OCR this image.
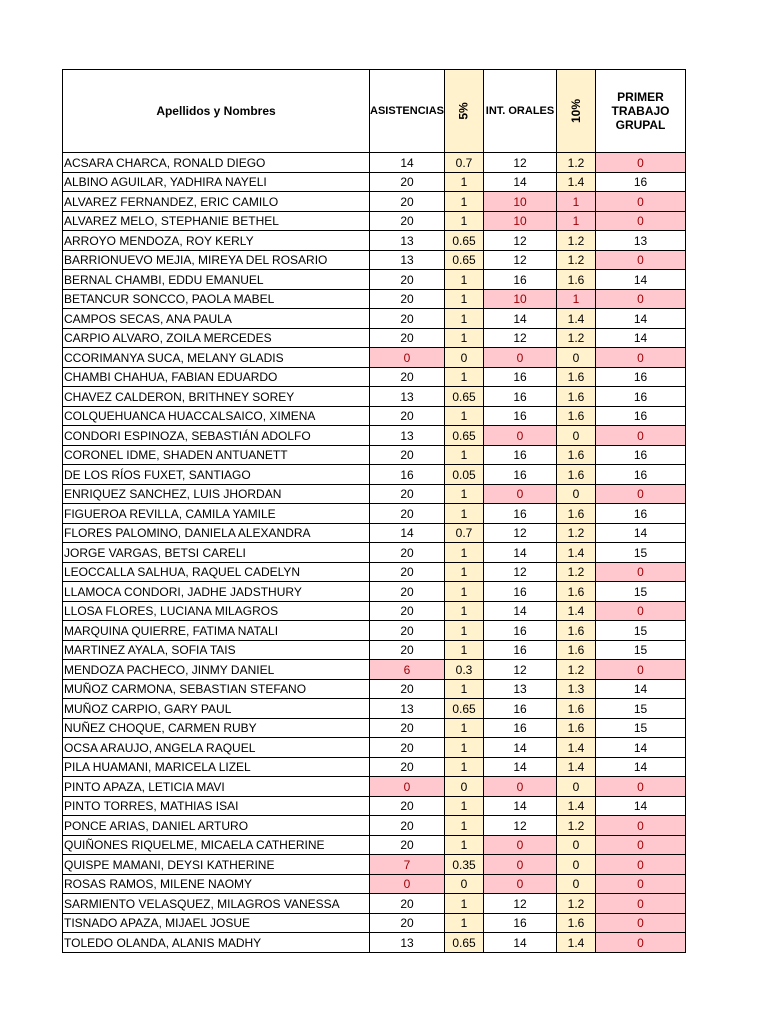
Apellidos y Nombres	ASISTENCIAS	5%	INT. ORALES	10%	PRIMER TRABAJO GRUPAL
ACSARA CHARCA, RONALD DIEGO	14	0.7	12	1.2	0
ALBINO AGUILAR, YADHIRA NAYELI	20	1	14	1.4	16
ALVAREZ FERNANDEZ, ERIC CAMILO	20	1	10	1	0
ALVAREZ MELO, STEPHANIE BETHEL	20	1	10	1	0
ARROYO MENDOZA, ROY KERLY	13	0.65	12	1.2	13
BARRIONUEVO MEJIA, MIREYA DEL ROSARIO	13	0.65	12	1.2	0
BERNAL CHAMBI, EDDU EMANUEL	20	1	16	1.6	14
BETANCUR SONCCO, PAOLA MABEL	20	1	10	1	0
CAMPOS SECAS, ANA PAULA	20	1	14	1.4	14
CARPIO ALVARO, ZOILA MERCEDES	20	1	12	1.2	14
CCORIMANYA SUCA, MELANY GLADIS	0	0	0	0	0
CHAMBI CHAHUA, FABIAN EDUARDO	20	1	16	1.6	16
CHAVEZ CALDERON, BRITHNEY SOREY	13	0.65	16	1.6	16
COLQUEHUANCA HUACCALSAICO, XIMENA	20	1	16	1.6	16
CONDORI ESPINOZA, SEBASTIÁN ADOLFO	13	0.65	0	0	0
CORONEL IDME, SHADEN ANTUANETT	20	1	16	1.6	16
DE LOS RÍOS FUXET, SANTIAGO	16	0.05	16	1.6	16
ENRIQUEZ SANCHEZ, LUIS JHORDAN	20	1	0	0	0
FIGUEROA REVILLA, CAMILA YAMILE	20	1	16	1.6	16
FLORES PALOMINO, DANIELA ALEXANDRA	14	0.7	12	1.2	14
JORGE VARGAS, BETSI CARELI	20	1	14	1.4	15
LEOCCALLA SALHUA, RAQUEL CADELYN	20	1	12	1.2	0
LLAMOCA CONDORI, JADHE JADSTHURY	20	1	16	1.6	15
LLOSA FLORES, LUCIANA MILAGROS	20	1	14	1.4	0
MARQUINA QUIERRE, FATIMA NATALI	20	1	16	1.6	15
MARTINEZ AYALA, SOFIA TAIS	20	1	16	1.6	15
MENDOZA PACHECO, JINMY DANIEL	6	0.3	12	1.2	0
MUÑOZ CARMONA, SEBASTIAN STEFANO	20	1	13	1.3	14
MUÑOZ CARPIO, GARY PAUL	13	0.65	16	1.6	15
NUÑEZ CHOQUE, CARMEN RUBY	20	1	16	1.6	15
OCSA ARAUJO, ANGELA RAQUEL	20	1	14	1.4	14
PILA HUAMANI, MARICELA LIZEL	20	1	14	1.4	14
PINTO APAZA, LETICIA MAVI	0	0	0	0	0
PINTO TORRES, MATHIAS ISAI	20	1	14	1.4	14
PONCE ARIAS, DANIEL ARTURO	20	1	12	1.2	0
QUIÑONES RIQUELME, MICAELA CATHERINE	20	1	0	0	0
QUISPE MAMANI, DEYSI KATHERINE	7	0.35	0	0	0
ROSAS RAMOS, MILENE NAOMY	0	0	0	0	0
SARMIENTO VELASQUEZ, MILAGROS VANESSA	20	1	12	1.2	0
TISNADO APAZA, MIJAEL JOSUE	20	1	16	1.6	0
TOLEDO OLANDA, ALANIS MADHY	13	0.65	14	1.4	0
